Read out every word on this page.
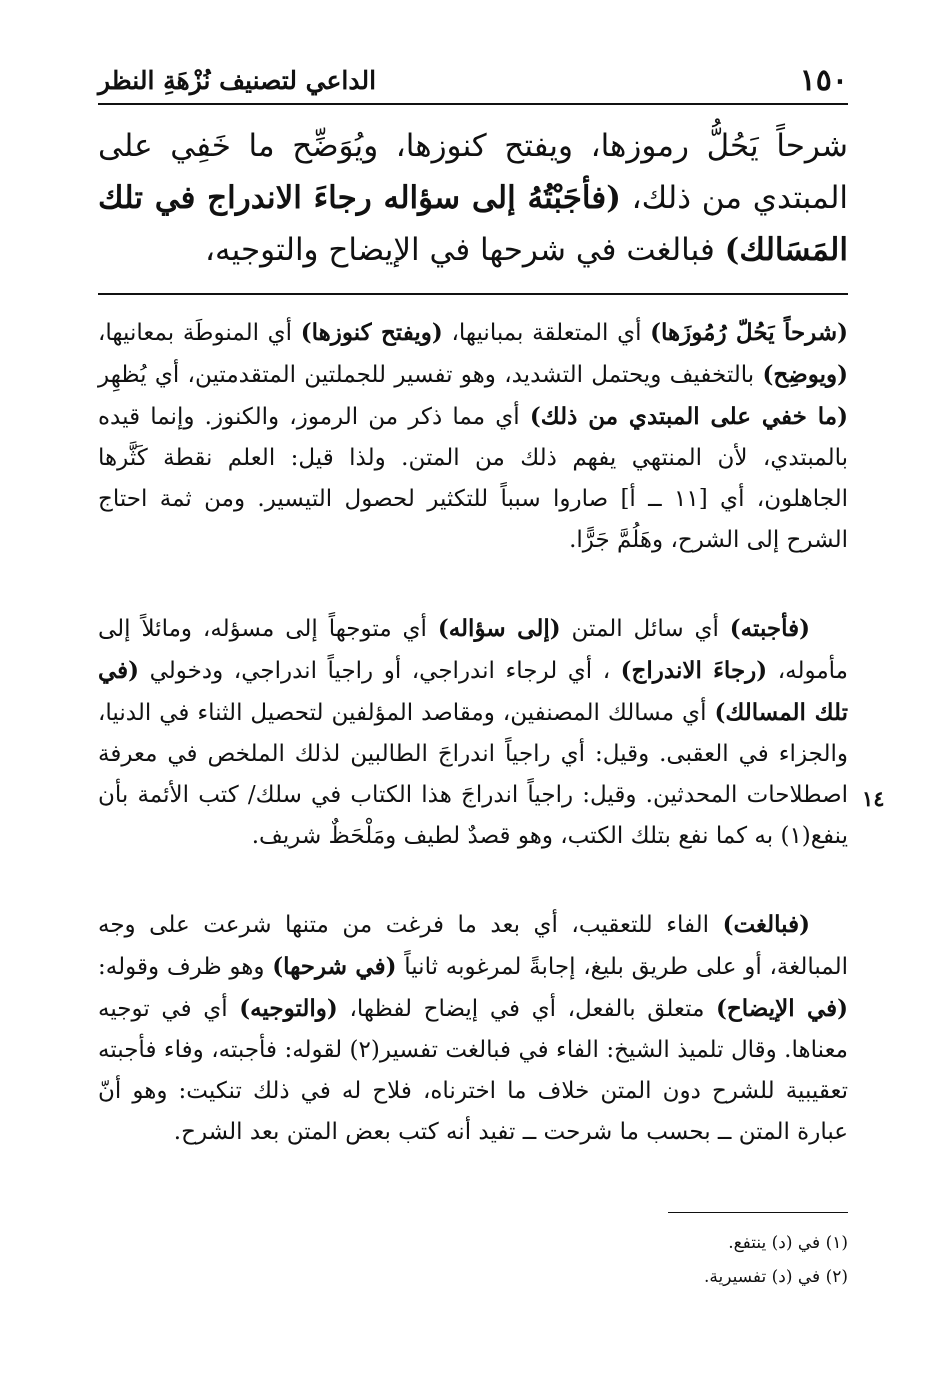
١٥٠
الداعي لتصنيف نُزْهَةِ النظر
شرحاً يَحُلُّ رموزها، ويفتح كنوزها، ويُوَضِّح ما خَفِي على المبتدي من ذلك، (فأجَبْتُهُ إلى سؤاله رجاءَ الاندراج في تلك المَسَالك) فبالغت في شرحها في الإيضاح والتوجيه،

(شرحاً يَحُلّ رُمُوزَها) أي المتعلقة بمبانيها، (ويفتح كنوزها) أي المنوطَة بمعانيها، (ويوضِح) بالتخفيف ويحتمل التشديد، وهو تفسير للجملتين المتقدمتين، أي يُظهِر (ما خفي على المبتدي من ذلك) أي مما ذكر من الرموز، والكنوز. وإنما قيده بالمبتدي، لأن المنتهي يفهم ذلك من المتن. ولذا قيل: العلم نقطة كَثَّرها الجاهلون، أي [١١ ــ أ] صاروا سبباً للتكثير لحصول التيسير. ومن ثمة احتاج الشرح إلى الشرح، وهَلُمَّ جَرًّا.

(فأجبته) أي سائل المتن (إلى سؤاله) أي متوجهاً إلى مسؤله، ومائلاً إلى مأموله، (رجاءَ الاندراج) ، أي لرجاء اندراجي، أو راجياً اندراجي، ودخولي (في تلك المسالك) أي مسالك المصنفين، ومقاصد المؤلفين لتحصيل الثناء في الدنيا، والجزاء في العقبى. وقيل: أي راجياً اندراجَ الطالبين لذلك الملخص في معرفة اصطلاحات المحدثين. وقيل: راجياً اندراجَ هذا الكتاب في سلك/ كتب الأئمة بأن ينفع(١) به كما نفع بتلك الكتب، وهو قصدٌ لطيف ومَلْحَظٌ شريف.

١٤

(فبالغت) الفاء للتعقيب، أي بعد ما فرغت من متنها شرعت على وجه المبالغة، أو على طريق بليغ، إجابةً لمرغوبه ثانياً (في شرحها) وهو ظرف وقوله: (في الإيضاح) متعلق بالفعل، أي في إيضاح لفظها، (والتوجيه) أي في توجيه معناها. وقال تلميذ الشيخ: الفاء في فبالغت تفسير(٢) لقوله: فأجبته، وفاء فأجبته تعقيبية للشرح دون المتن خلاف ما اخترناه، فلاح له في ذلك تنكيت: وهو أنّ عبارة المتن ــ بحسب ما شرحت ــ تفيد أنه كتب بعض المتن بعد الشرح.

(١) في (د) ينتفع.
(٢) في (د) تفسيرية.
